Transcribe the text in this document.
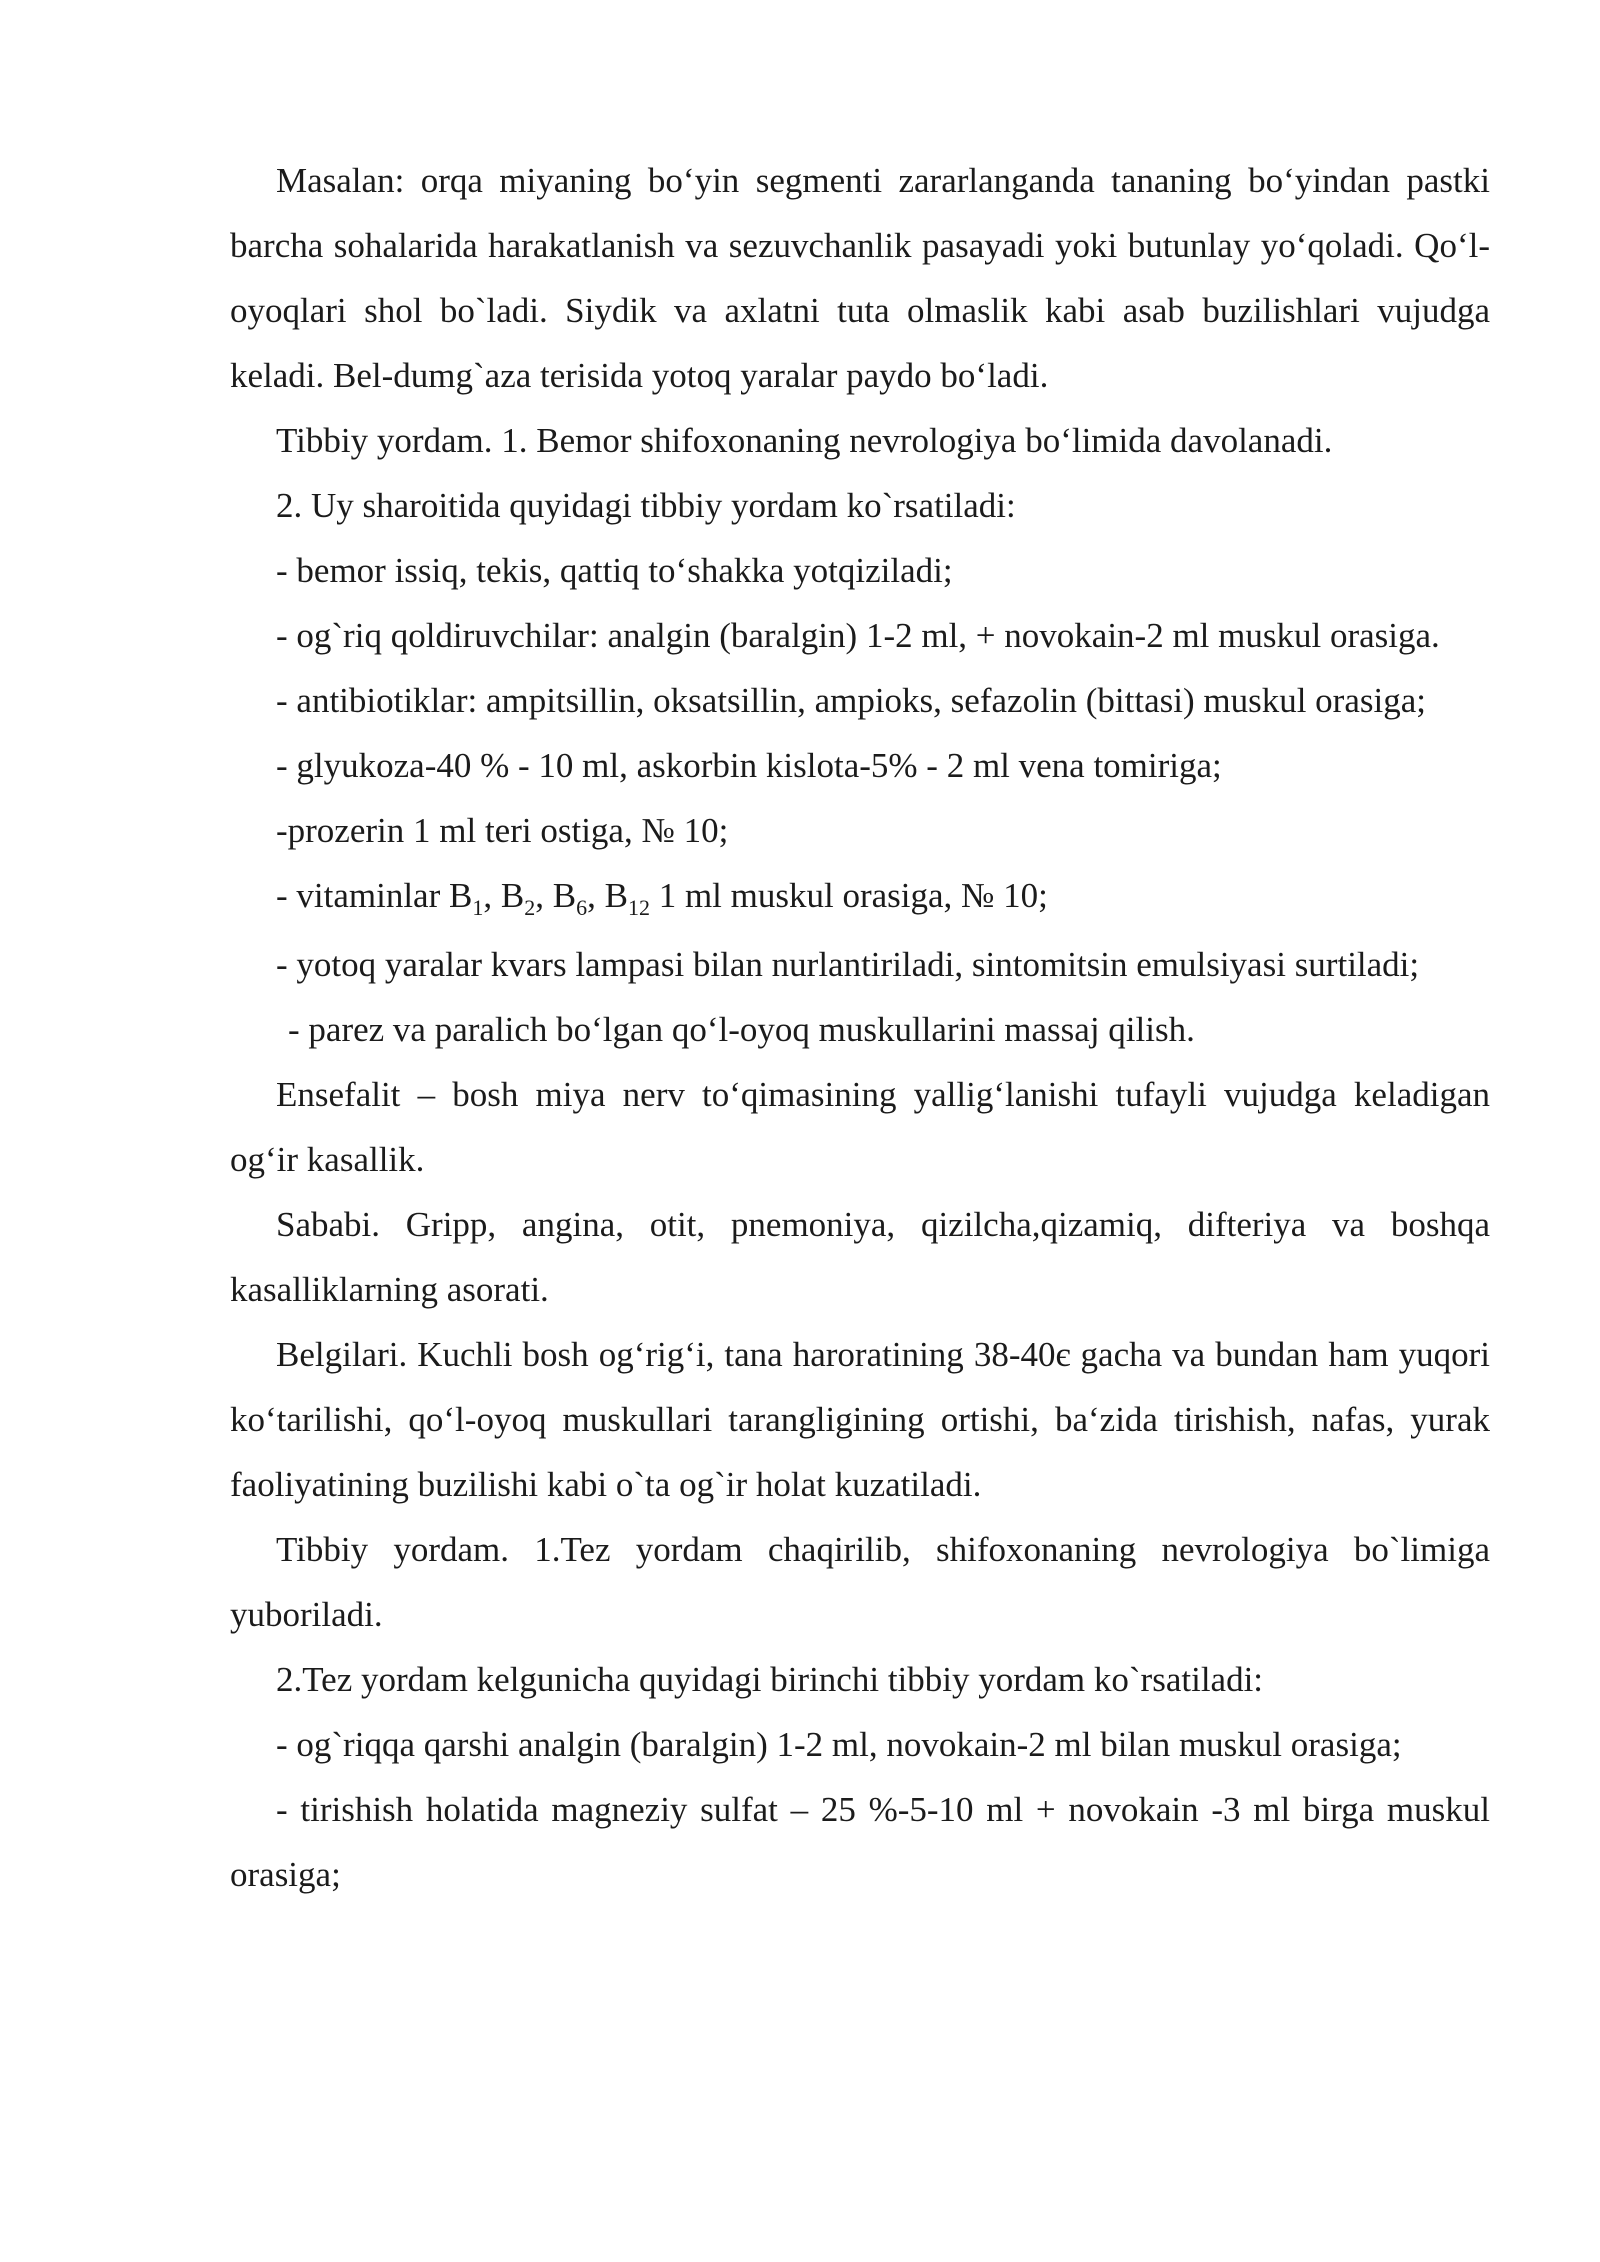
Masalan: orqa miyaning bo‘yin segmenti zararlanganda tananing bo‘yindan pastki barcha sohalarida harakatlanish va sezuvchanlik pasayadi yoki butunlay yo‘qoladi. Qo‘l-oyoqlari shol bo`ladi. Siydik va axlatni tuta olmaslik kabi asab buzilishlari vujudga keladi. Bel-dumg`aza terisida yotoq yaralar paydo bo‘ladi.

Tibbiy yordam. 1. Bemor shifoxonaning nevrologiya bo‘limida davolanadi.

2. Uy sharoitida quyidagi tibbiy yordam ko`rsatiladi:

- bemor issiq, tekis, qattiq to‘shakka yotqiziladi;

- og`riq qoldiruvchilar: analgin (baralgin) 1-2 ml, + novokain-2 ml muskul orasiga.

- antibiotiklar: ampitsillin, oksatsillin, ampioks, sefazolin (bittasi) muskul orasiga;

- glyukoza-40 % - 10 ml, askorbin kislota-5% - 2 ml vena tomiriga;

-prozerin 1 ml teri ostiga, № 10;

- vitaminlar $B_1$, $B_2$, $B_6$, $B_{12}$ 1 ml muskul orasiga, № 10;

- yotoq yaralar kvars lampasi bilan nurlantiriladi, sintomitsin emulsiyasi surtiladi;

- parez va paralich bo‘lgan qo‘l-oyoq muskullarini massaj qilish.

Ensefalit – bosh miya nerv to‘qimasining yallig‘lanishi tufayli vujudga keladigan og‘ir kasallik.

Sababi. Gripp, angina, otit, pnemoniya, qizilcha,qizamiq, difteriya va boshqa kasalliklarning asorati.

Belgilari. Kuchli bosh og‘rig‘i, tana haroratining 38-40є gacha va bundan ham yuqori ko‘tarilishi, qo‘l-oyoq muskullari tarangligining ortishi, ba‘zida tirishish, nafas, yurak faoliyatining buzilishi kabi o`ta og`ir holat kuzatiladi.

Tibbiy yordam. 1.Tez yordam chaqirilib, shifoxonaning nevrologiya bo`limiga yuboriladi.

2.Tez yordam kelgunicha quyidagi birinchi tibbiy yordam ko`rsatiladi:

- og`riqqa qarshi analgin (baralgin) 1-2 ml, novokain-2 ml bilan muskul orasiga;

- tirishish holatida magneziy sulfat – 25 %-5-10 ml + novokain -3 ml birga muskul orasiga;
